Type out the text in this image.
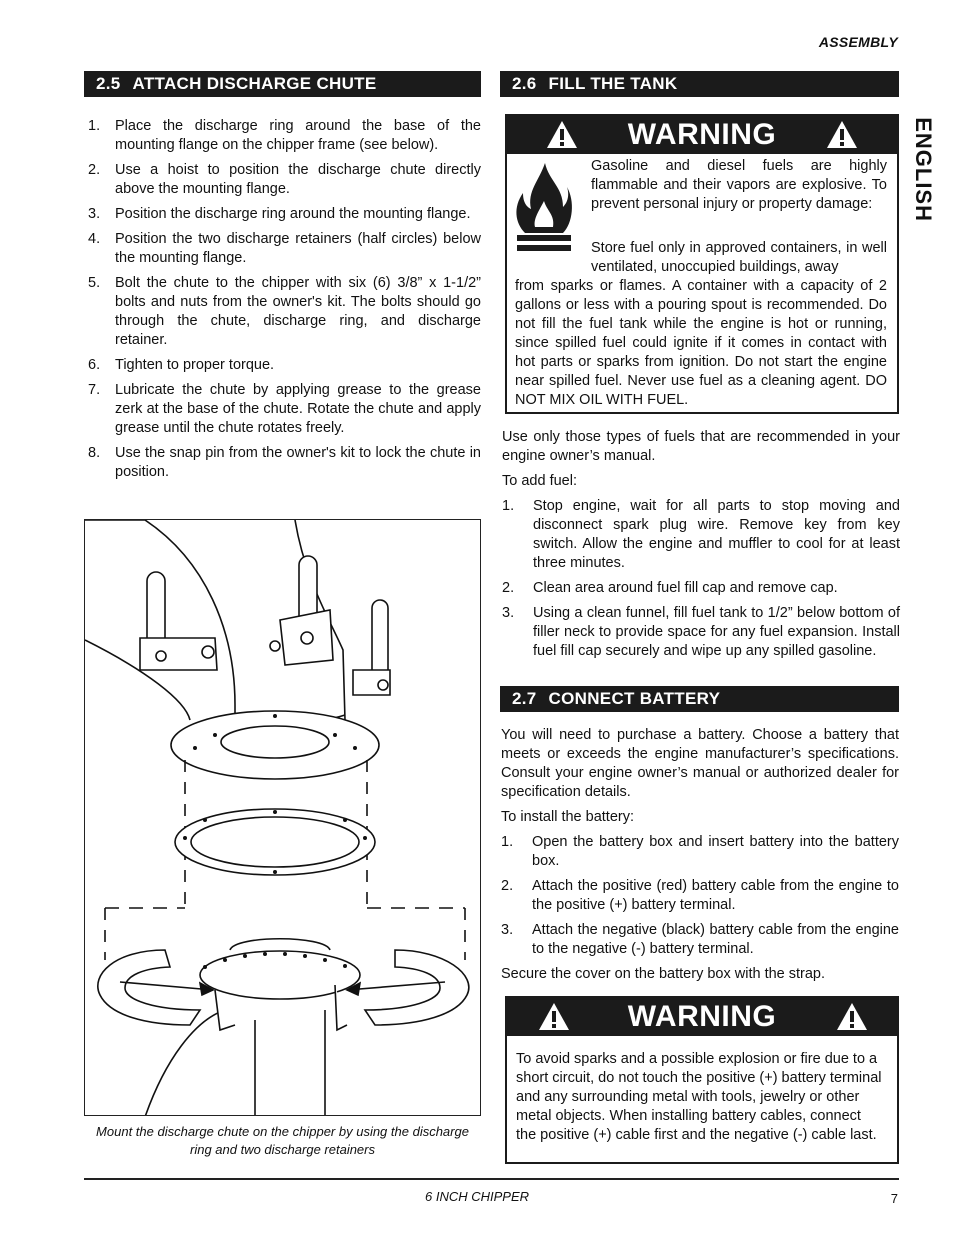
ASSEMBLY
ENGLISH
2.5 ATTACH DISCHARGE CHUTE
1. Place the discharge ring around the base of the mounting flange on the chipper frame (see below).
2. Use a hoist to position the discharge chute directly above the mounting flange.
3. Position the discharge ring around the mounting flange.
4. Position the two discharge retainers (half circles) below the mounting flange.
5. Bolt the chute to the chipper with six (6) 3/8” x 1-1/2” bolts and nuts from the owner's kit. The bolts should go through the chute, discharge ring, and discharge retainer.
6. Tighten to proper torque.
7. Lubricate the chute by applying grease to the grease zerk at the base of the chute. Rotate the chute and apply grease until the chute rotates freely.
8. Use the snap pin from the owner's kit to lock the chute in position.
Mount the discharge chute on the chipper by using the discharge ring and two discharge retainers
2.6 FILL THE TANK
WARNING
Gasoline and diesel fuels are highly flammable and their vapors are explosive. To prevent personal injury or property damage:
Store fuel only in approved containers, in well ventilated, unoccupied buildings, away
from sparks or flames. A container with a capacity of 2 gallons or less with a pouring spout is recommended. Do not fill the fuel tank while the engine is hot or running, since spilled fuel could ignite if it comes in contact with hot parts or sparks from ignition. Do not start the engine near spilled fuel. Never use fuel as a cleaning agent. DO NOT MIX OIL WITH FUEL.

Use only those types of fuels that are recommended in your engine owner’s manual.

To add fuel:

1. Stop engine, wait for all parts to stop moving and disconnect spark plug wire. Remove key from key switch. Allow the engine and muffler to cool for at least three minutes.
2. Clean area around fuel fill cap and remove cap.
3. Using a clean funnel, fill fuel tank to 1/2” below bottom of filler neck to provide space for any fuel expansion. Install fuel fill cap securely and wipe up any spilled gasoline.
2.7 CONNECT BATTERY

You will need to purchase a battery. Choose a battery that meets or exceeds the engine manufacturer’s specifications. Consult your engine owner’s manual or authorized dealer for specification details.

To install the battery:

1. Open the battery box and insert battery into the battery box.
2. Attach the positive (red) battery cable from the engine to the positive (+) battery terminal.
3. Attach the negative (black) battery cable from the engine to the negative (-) battery terminal.

Secure the cover on the battery box with the strap.

WARNING
To avoid sparks and a possible explosion or fire due to a short circuit, do not touch the positive (+) battery terminal and any surrounding metal with tools, jewelry or other metal objects. When installing battery cables, connect the positive (+) cable first and the negative (-) cable last.
6 INCH CHIPPER	7
